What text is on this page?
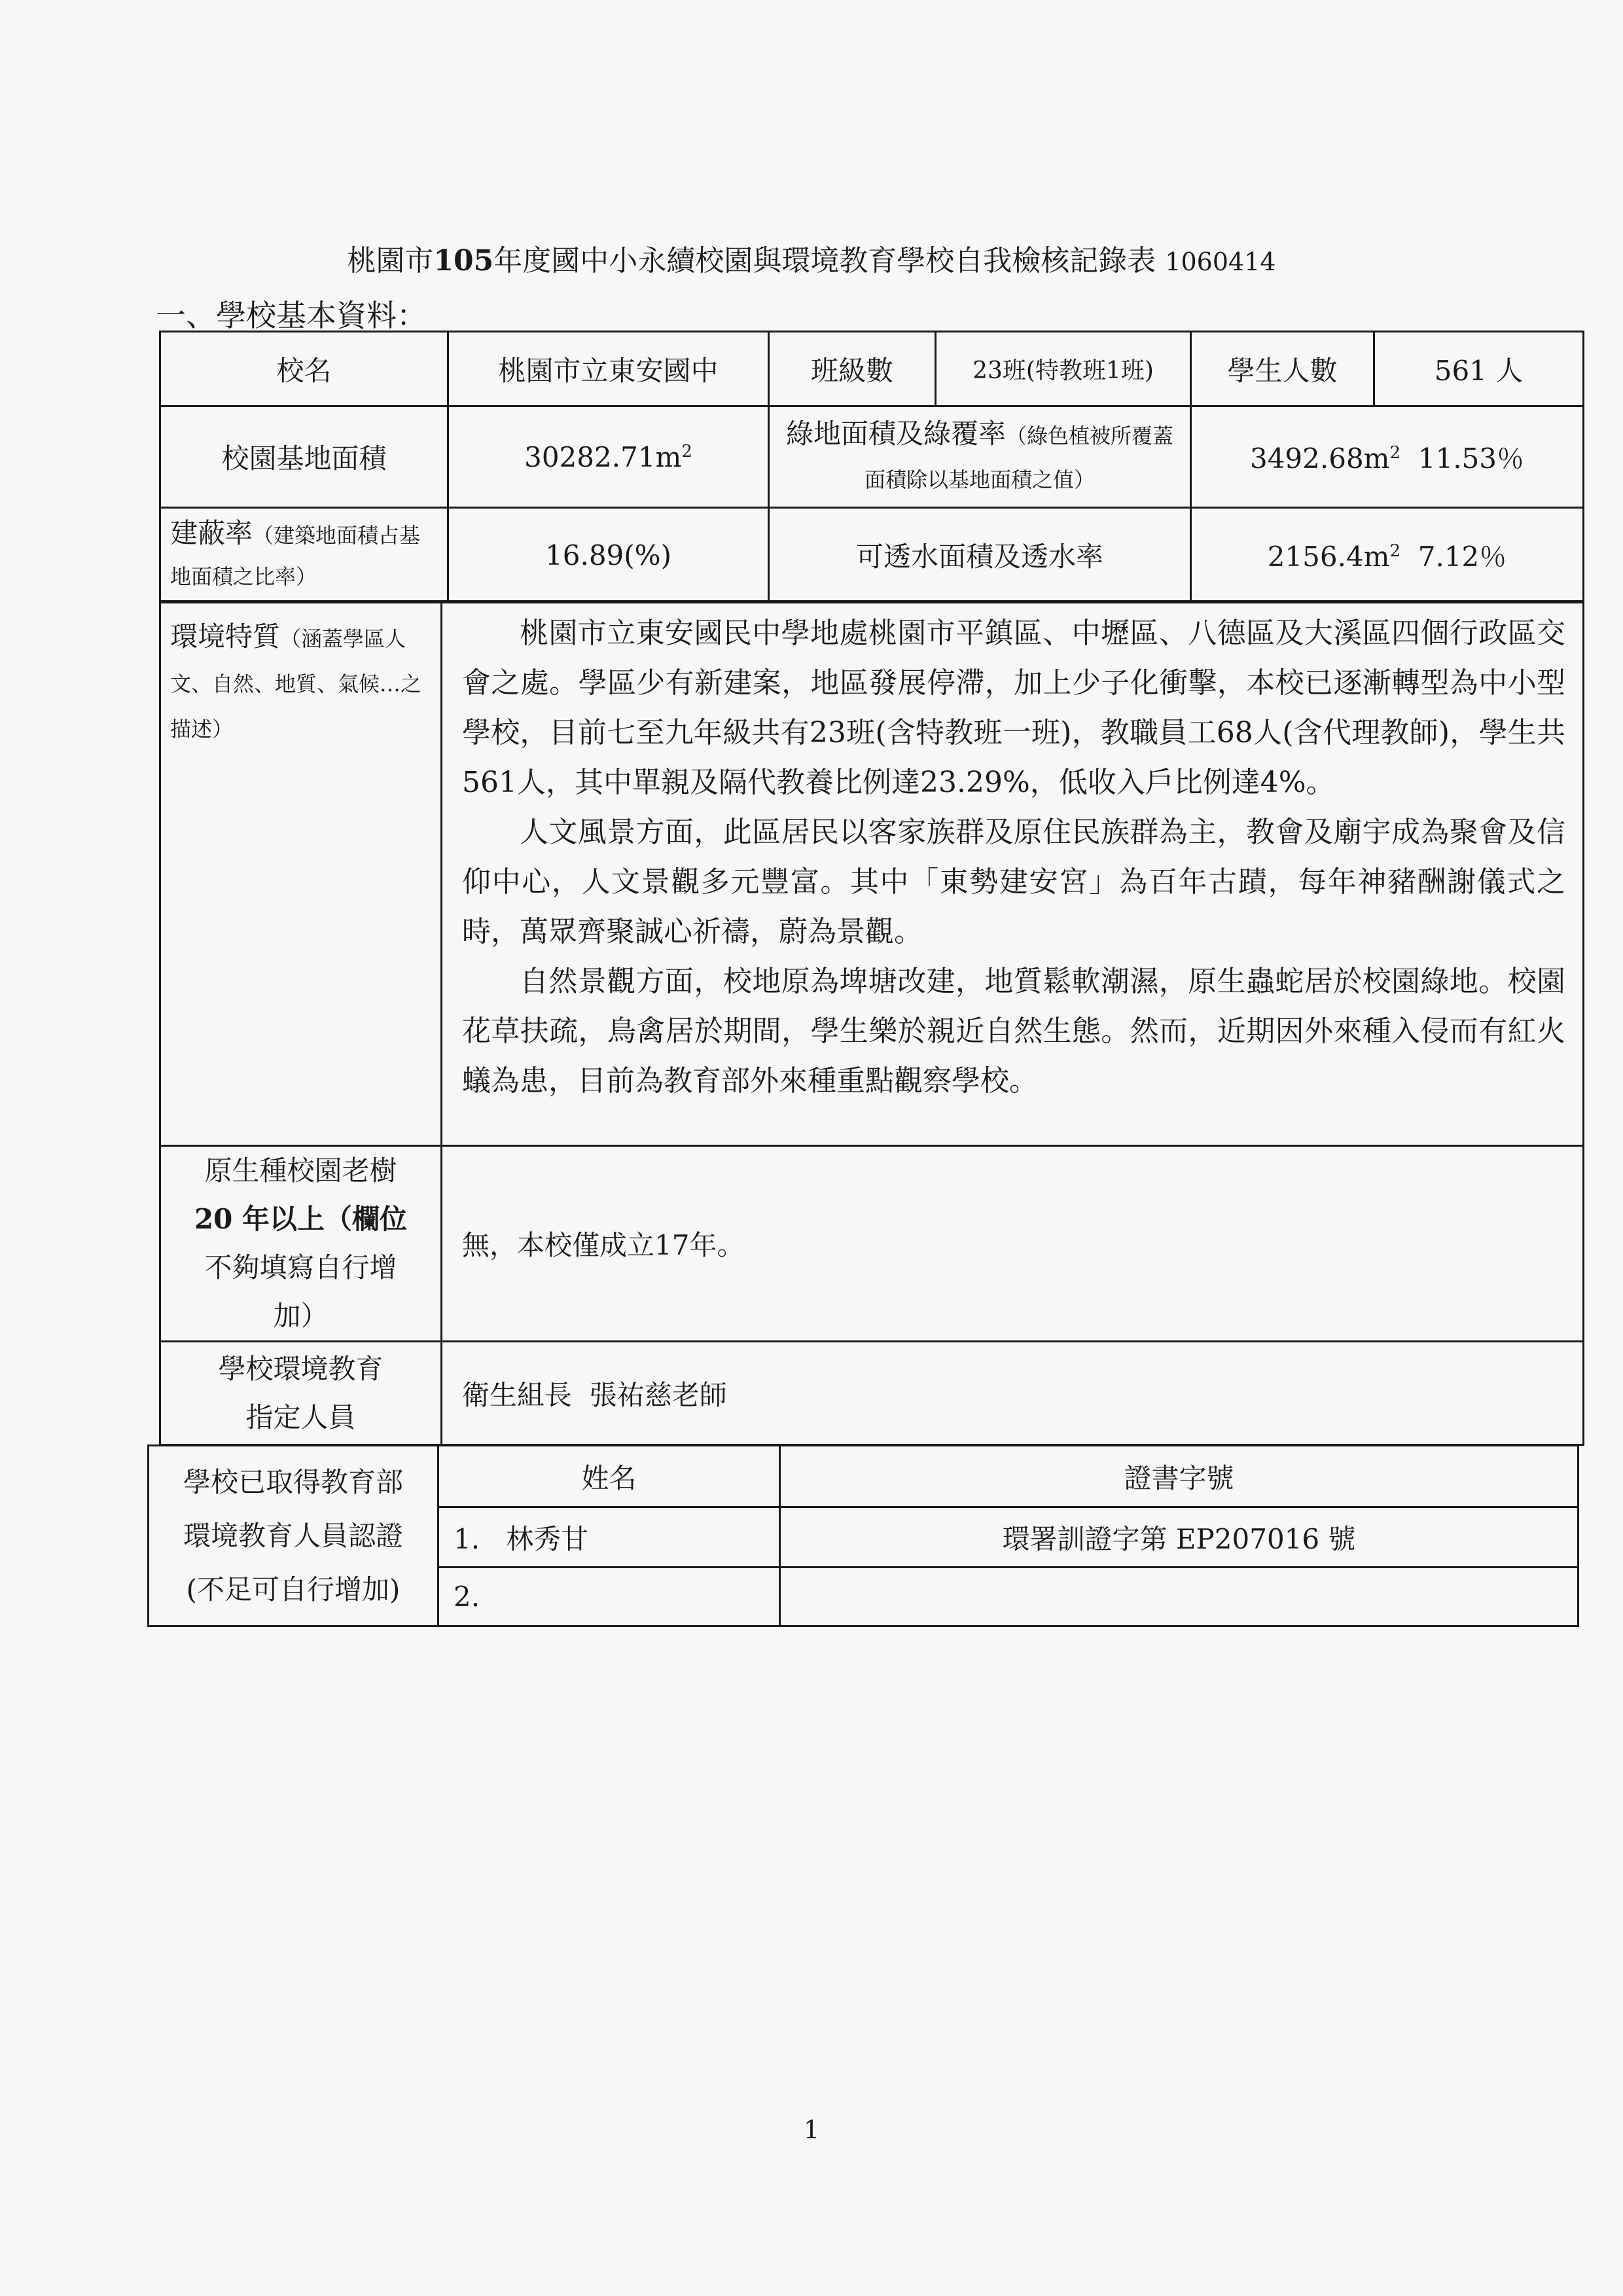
桃園市105年度國中小永續校園與環境教育學校自我檢核記錄表 1060414
一、學校基本資料：
校名	桃園市立東安國中	班級數	23班(特教班1班)	學生人數	561 人
校園基地面積	$30282.71m^2$	綠地面積及綠覆率（綠色植被所覆蓋面積除以基地面積之值）		$3492.68m^2$ 11.53％	
建蔽率（建築地面積占基地面積之比率）	16.89(%)	可透水面積及透水率		$2156.4m^2$ 7.12％	
環境特質（涵蓋學區人文、自然、地質、氣候…之描述）	桃園市立東安國民中學地處桃園市平鎮區、中壢區、八德區及大溪區四個行政區交會之處。學區少有新建案，地區發展停滯，加上少子化衝擊，本校已逐漸轉型為中小型學校，目前七至九年級共有23班(含特教班一班)，教職員工68人(含代理教師)，學生共561人，其中單親及隔代教養比例達23.29%，低收入戶比例達4%。

人文風景方面，此區居民以客家族群及原住民族群為主，教會及廟宇成為聚會及信仰中心，人文景觀多元豐富。其中「東勢建安宮」為百年古蹟，每年神豬酬謝儀式之時，萬眾齊聚誠心祈禱，蔚為景觀。

自然景觀方面，校地原為埤塘改建，地質鬆軟潮濕，原生蟲蛇居於校園綠地。校園花草扶疏，鳥禽居於期間，學生樂於親近自然生態。然而，近期因外來種入侵而有紅火蟻為患，目前為教育部外來種重點觀察學校。

原生種校園老樹
20 年以上（欄位
不夠填寫自行增
加）	無，本校僅成立17年。

學校環境教育
指定人員	衛生組長  張祐慈老師
學校已取得教育部
環境教育人員認證
(不足可自行增加)	姓名	證書字號
	1.   林秀甘	環署訓證字第 EP207016 號
	2.	
1
